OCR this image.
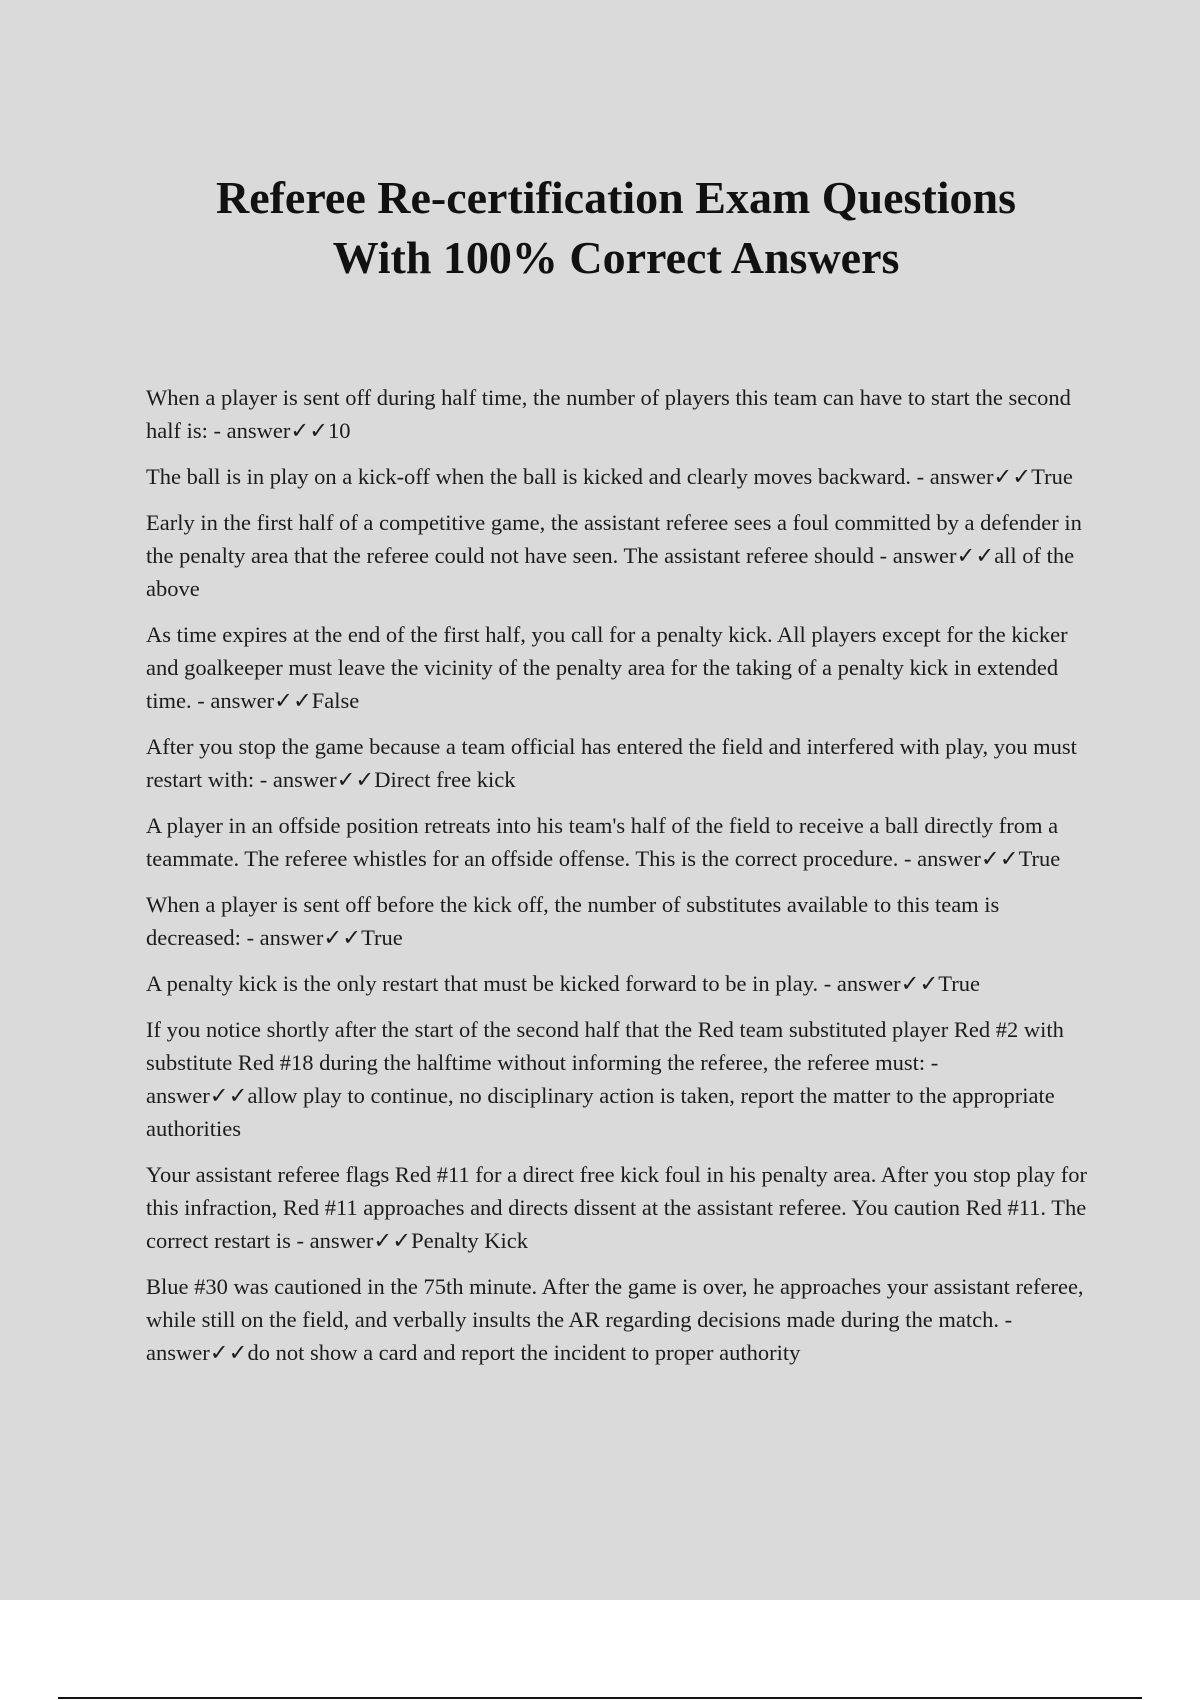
Referee Re-certification Exam Questions
With 100% Correct Answers

When a player is sent off during half time, the number of players this team can have to start the second half is: - answer✓✓10

The ball is in play on a kick-off when the ball is kicked and clearly moves backward. - answer✓✓True

Early in the first half of a competitive game, the assistant referee sees a foul committed by a defender in the penalty area that the referee could not have seen. The assistant referee should - answer✓✓all of the above

As time expires at the end of the first half, you call for a penalty kick. All players except for the kicker and goalkeeper must leave the vicinity of the penalty area for the taking of a penalty kick in extended time. - answer✓✓False

After you stop the game because a team official has entered the field and interfered with play, you must restart with: - answer✓✓Direct free kick

A player in an offside position retreats into his team's half of the field to receive a ball directly from a teammate. The referee whistles for an offside offense. This is the correct procedure. - answer✓✓True

When a player is sent off before the kick off, the number of substitutes available to this team is decreased: - answer✓✓True

A penalty kick is the only restart that must be kicked forward to be in play. - answer✓✓True

If you notice shortly after the start of the second half that the Red team substituted player Red #2 with substitute Red #18 during the halftime without informing the referee, the referee must: - answer✓✓allow play to continue, no disciplinary action is taken, report the matter to the appropriate authorities

Your assistant referee flags Red #11 for a direct free kick foul in his penalty area. After you stop play for this infraction, Red #11 approaches and directs dissent at the assistant referee. You caution Red #11. The correct restart is - answer✓✓Penalty Kick

Blue #30 was cautioned in the 75th minute. After the game is over, he approaches your assistant referee, while still on the field, and verbally insults the AR regarding decisions made during the match. - answer✓✓do not show a card and report the incident to proper authority
